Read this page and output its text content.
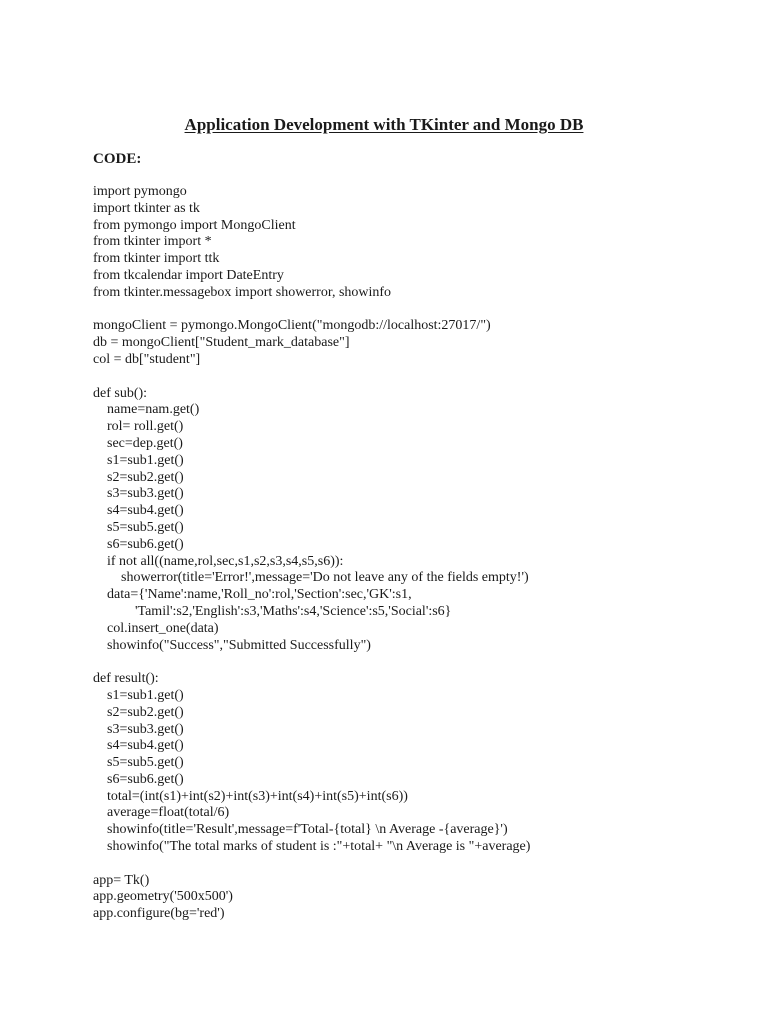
Application Development with TKinter and Mongo DB
CODE:
import pymongo
import tkinter as tk
from pymongo import MongoClient
from tkinter import *
from tkinter import ttk
from tkcalendar import DateEntry
from tkinter.messagebox import showerror, showinfo

mongoClient = pymongo.MongoClient("mongodb://localhost:27017/")
db = mongoClient["Student_mark_database"]
col = db["student"]

def sub():
name=nam.get()
rol= roll.get()
sec=dep.get()
s1=sub1.get()
s2=sub2.get()
s3=sub3.get()
s4=sub4.get()
s5=sub5.get()
s6=sub6.get()
if not all((name,rol,sec,s1,s2,s3,s4,s5,s6)):
showerror(title='Error!',message='Do not leave any of the fields empty!')
data={'Name':name,'Roll_no':rol,'Section':sec,'GK':s1,
'Tamil':s2,'English':s3,'Maths':s4,'Science':s5,'Social':s6}
col.insert_one(data)
showinfo("Success","Submitted Successfully")

def result():
s1=sub1.get()
s2=sub2.get()
s3=sub3.get()
s4=sub4.get()
s5=sub5.get()
s6=sub6.get()
total=(int(s1)+int(s2)+int(s3)+int(s4)+int(s5)+int(s6))
average=float(total/6)
showinfo(title='Result',message=f'Total-{total} \n Average -{average}')
showinfo("The total marks of student is :"+total+ "\n Average is "+average)

app= Tk()
app.geometry('500x500')
app.configure(bg='red')
